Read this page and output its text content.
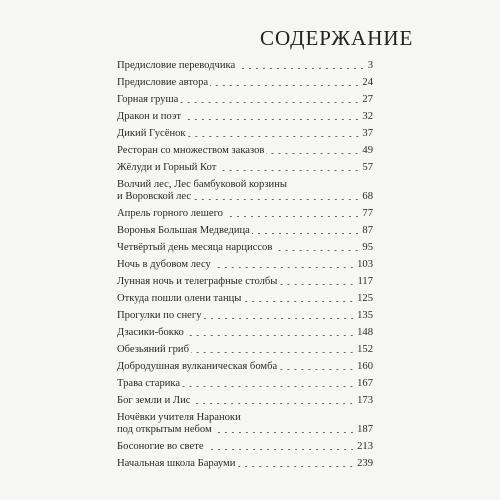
СОДЕРЖАНИЕ
Предисловие переводчика	3
Предисловие автора	24
Горная груша	27
Дракон и поэт	32
Дикий Гусёнок	37
Ресторан со множеством заказов	49
Жёлуди и Горный Кот	57
Волчий лес, Лес бамбуковой корзины
и Воровской лес	68
Апрель горного лешего	77
Воронья Большая Медведица	87
Четвёртый день месяца нарциссов	95
Ночь в дубовом лесу	103
Лунная ночь и телеграфные столбы	117
Откуда пошли олени танцы	125
Прогулки по снегу	135
Дзасики-бокко	148
Обезьяний гриб	152
Добродушная вулканическая бомба	160
Трава старика	167
Бог земли и Лис	173
Ночёвки учителя Нараноки
под открытым небом	187
Босоногие во свете	213
Начальная школа Барауми	239
